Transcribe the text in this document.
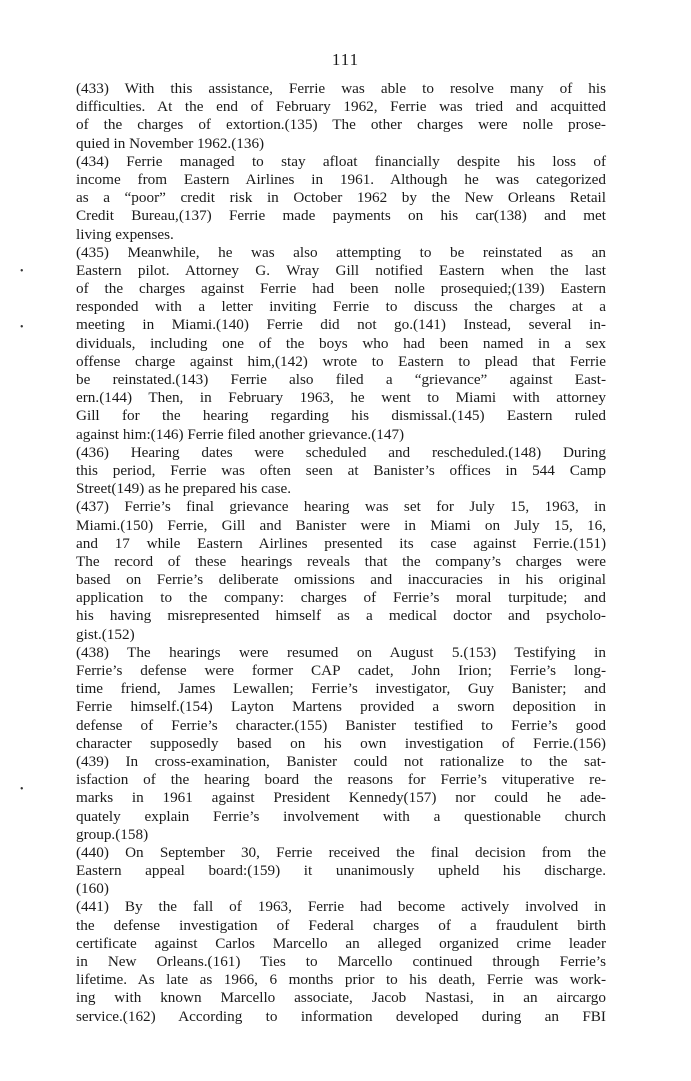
111
•
•
•
(433) With this assistance, Ferrie was able to resolve many of his
difficulties. At the end of February 1962, Ferrie was tried and acquitted
of the charges of extortion.(135) The other charges were nolle prose-
quied in November 1962.(136)
(434) Ferrie managed to stay afloat financially despite his loss of
income from Eastern Airlines in 1961. Although he was categorized
as a “poor” credit risk in October 1962 by the New Orleans Retail
Credit Bureau,(137) Ferrie made payments on his car(138) and met
living expenses.
(435) Meanwhile, he was also attempting to be reinstated as an
Eastern pilot. Attorney G. Wray Gill notified Eastern when the last
of the charges against Ferrie had been nolle prosequied;(139) Eastern
responded with a letter inviting Ferrie to discuss the charges at a
meeting in Miami.(140) Ferrie did not go.(141) Instead, several in-
dividuals, including one of the boys who had been named in a sex
offense charge against him,(142) wrote to Eastern to plead that Ferrie
be reinstated.(143) Ferrie also filed a “grievance” against East-
ern.(144) Then, in February 1963, he went to Miami with attorney
Gill for the hearing regarding his dismissal.(145) Eastern ruled
against him:(146) Ferrie filed another grievance.(147)
(436) Hearing dates were scheduled and rescheduled.(148) During
this period, Ferrie was often seen at Banister’s offices in 544 Camp
Street(149) as he prepared his case.
(437) Ferrie’s final grievance hearing was set for July 15, 1963, in
Miami.(150) Ferrie, Gill and Banister were in Miami on July 15, 16,
and 17 while Eastern Airlines presented its case against Ferrie.(151)
The record of these hearings reveals that the company’s charges were
based on Ferrie’s deliberate omissions and inaccuracies in his original
application to the company: charges of Ferrie’s moral turpitude; and
his having misrepresented himself as a medical doctor and psycholo-
gist.(152)
(438) The hearings were resumed on August 5.(153) Testifying in
Ferrie’s defense were former CAP cadet, John Irion; Ferrie’s long-
time friend, James Lewallen; Ferrie’s investigator, Guy Banister; and
Ferrie himself.(154) Layton Martens provided a sworn deposition in
defense of Ferrie’s character.(155) Banister testified to Ferrie’s good
character supposedly based on his own investigation of Ferrie.(156)
(439) In cross-examination, Banister could not rationalize to the sat-
isfaction of the hearing board the reasons for Ferrie’s vituperative re-
marks in 1961 against President Kennedy(157) nor could he ade-
quately explain Ferrie’s involvement with a questionable church
group.(158)
(440) On September 30, Ferrie received the final decision from the
Eastern appeal board:(159) it unanimously upheld his discharge.
(160)
(441) By the fall of 1963, Ferrie had become actively involved in
the defense investigation of Federal charges of a fraudulent birth
certificate against Carlos Marcello an alleged organized crime leader
in New Orleans.(161) Ties to Marcello continued through Ferrie’s
lifetime. As late as 1966, 6 months prior to his death, Ferrie was work-
ing with known Marcello associate, Jacob Nastasi, in an aircargo
service.(162) According to information developed during an FBI
